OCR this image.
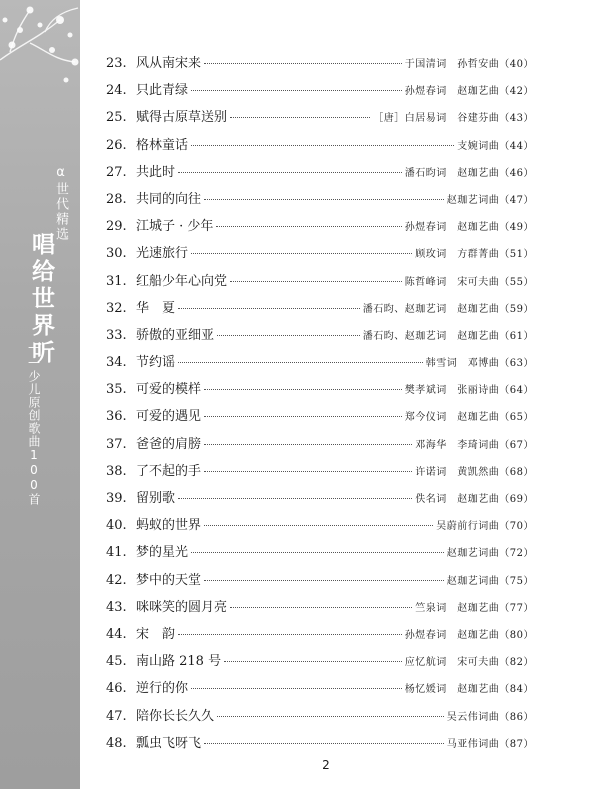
α世代精选
唱给世界听
——少儿原创歌曲100首
23. 风从南宋来	于国清词　孙哲安曲（40）
24. 只此青绿	孙煜春词　赵珈艺曲（42）
25. 赋得古原草送别	［唐］白居易词　谷建芬曲（43）
26. 格林童话	支婉词曲（44）
27. 共此时	潘石昀词　赵珈艺曲（46）
28. 共同的向往	赵珈艺词曲（47）
29. 江城子 · 少年	孙煜春词　赵珈艺曲（49）
30. 光速旅行	顾玫词　方群菁曲（51）
31. 红船少年心向党	陈哲峰词　宋可夫曲（55）
32. 华　夏	潘石昀、赵珈艺词　赵珈艺曲（59）
33. 骄傲的亚细亚	潘石昀、赵珈艺词　赵珈艺曲（61）
34. 节约谣	韩雪词　邓博曲（63）
35. 可爱的模样	樊孝斌词　张丽诗曲（64）
36. 可爱的遇见	郑今仪词　赵珈艺曲（65）
37. 爸爸的肩膀	邓海华　李琦词曲（67）
38. 了不起的手	许诺词　黄凯然曲（68）
39. 留别歌	佚名词　赵珈艺曲（69）
40. 蚂蚁的世界	吴蔚前行词曲（70）
41. 梦的星光	赵珈艺词曲（72）
42. 梦中的天堂	赵珈艺词曲（75）
43. 咪咪笑的圆月亮	竺泉词　赵珈艺曲（77）
44. 宋　韵	孙煜春词　赵珈艺曲（80）
45. 南山路 218 号	应忆航词　宋可夫曲（82）
46. 逆行的你	杨忆媛词　赵珈艺曲（84）
47. 陪你长长久久	吴云伟词曲（86）
48. 瓢虫飞呀飞	马亚伟词曲（87）
2
